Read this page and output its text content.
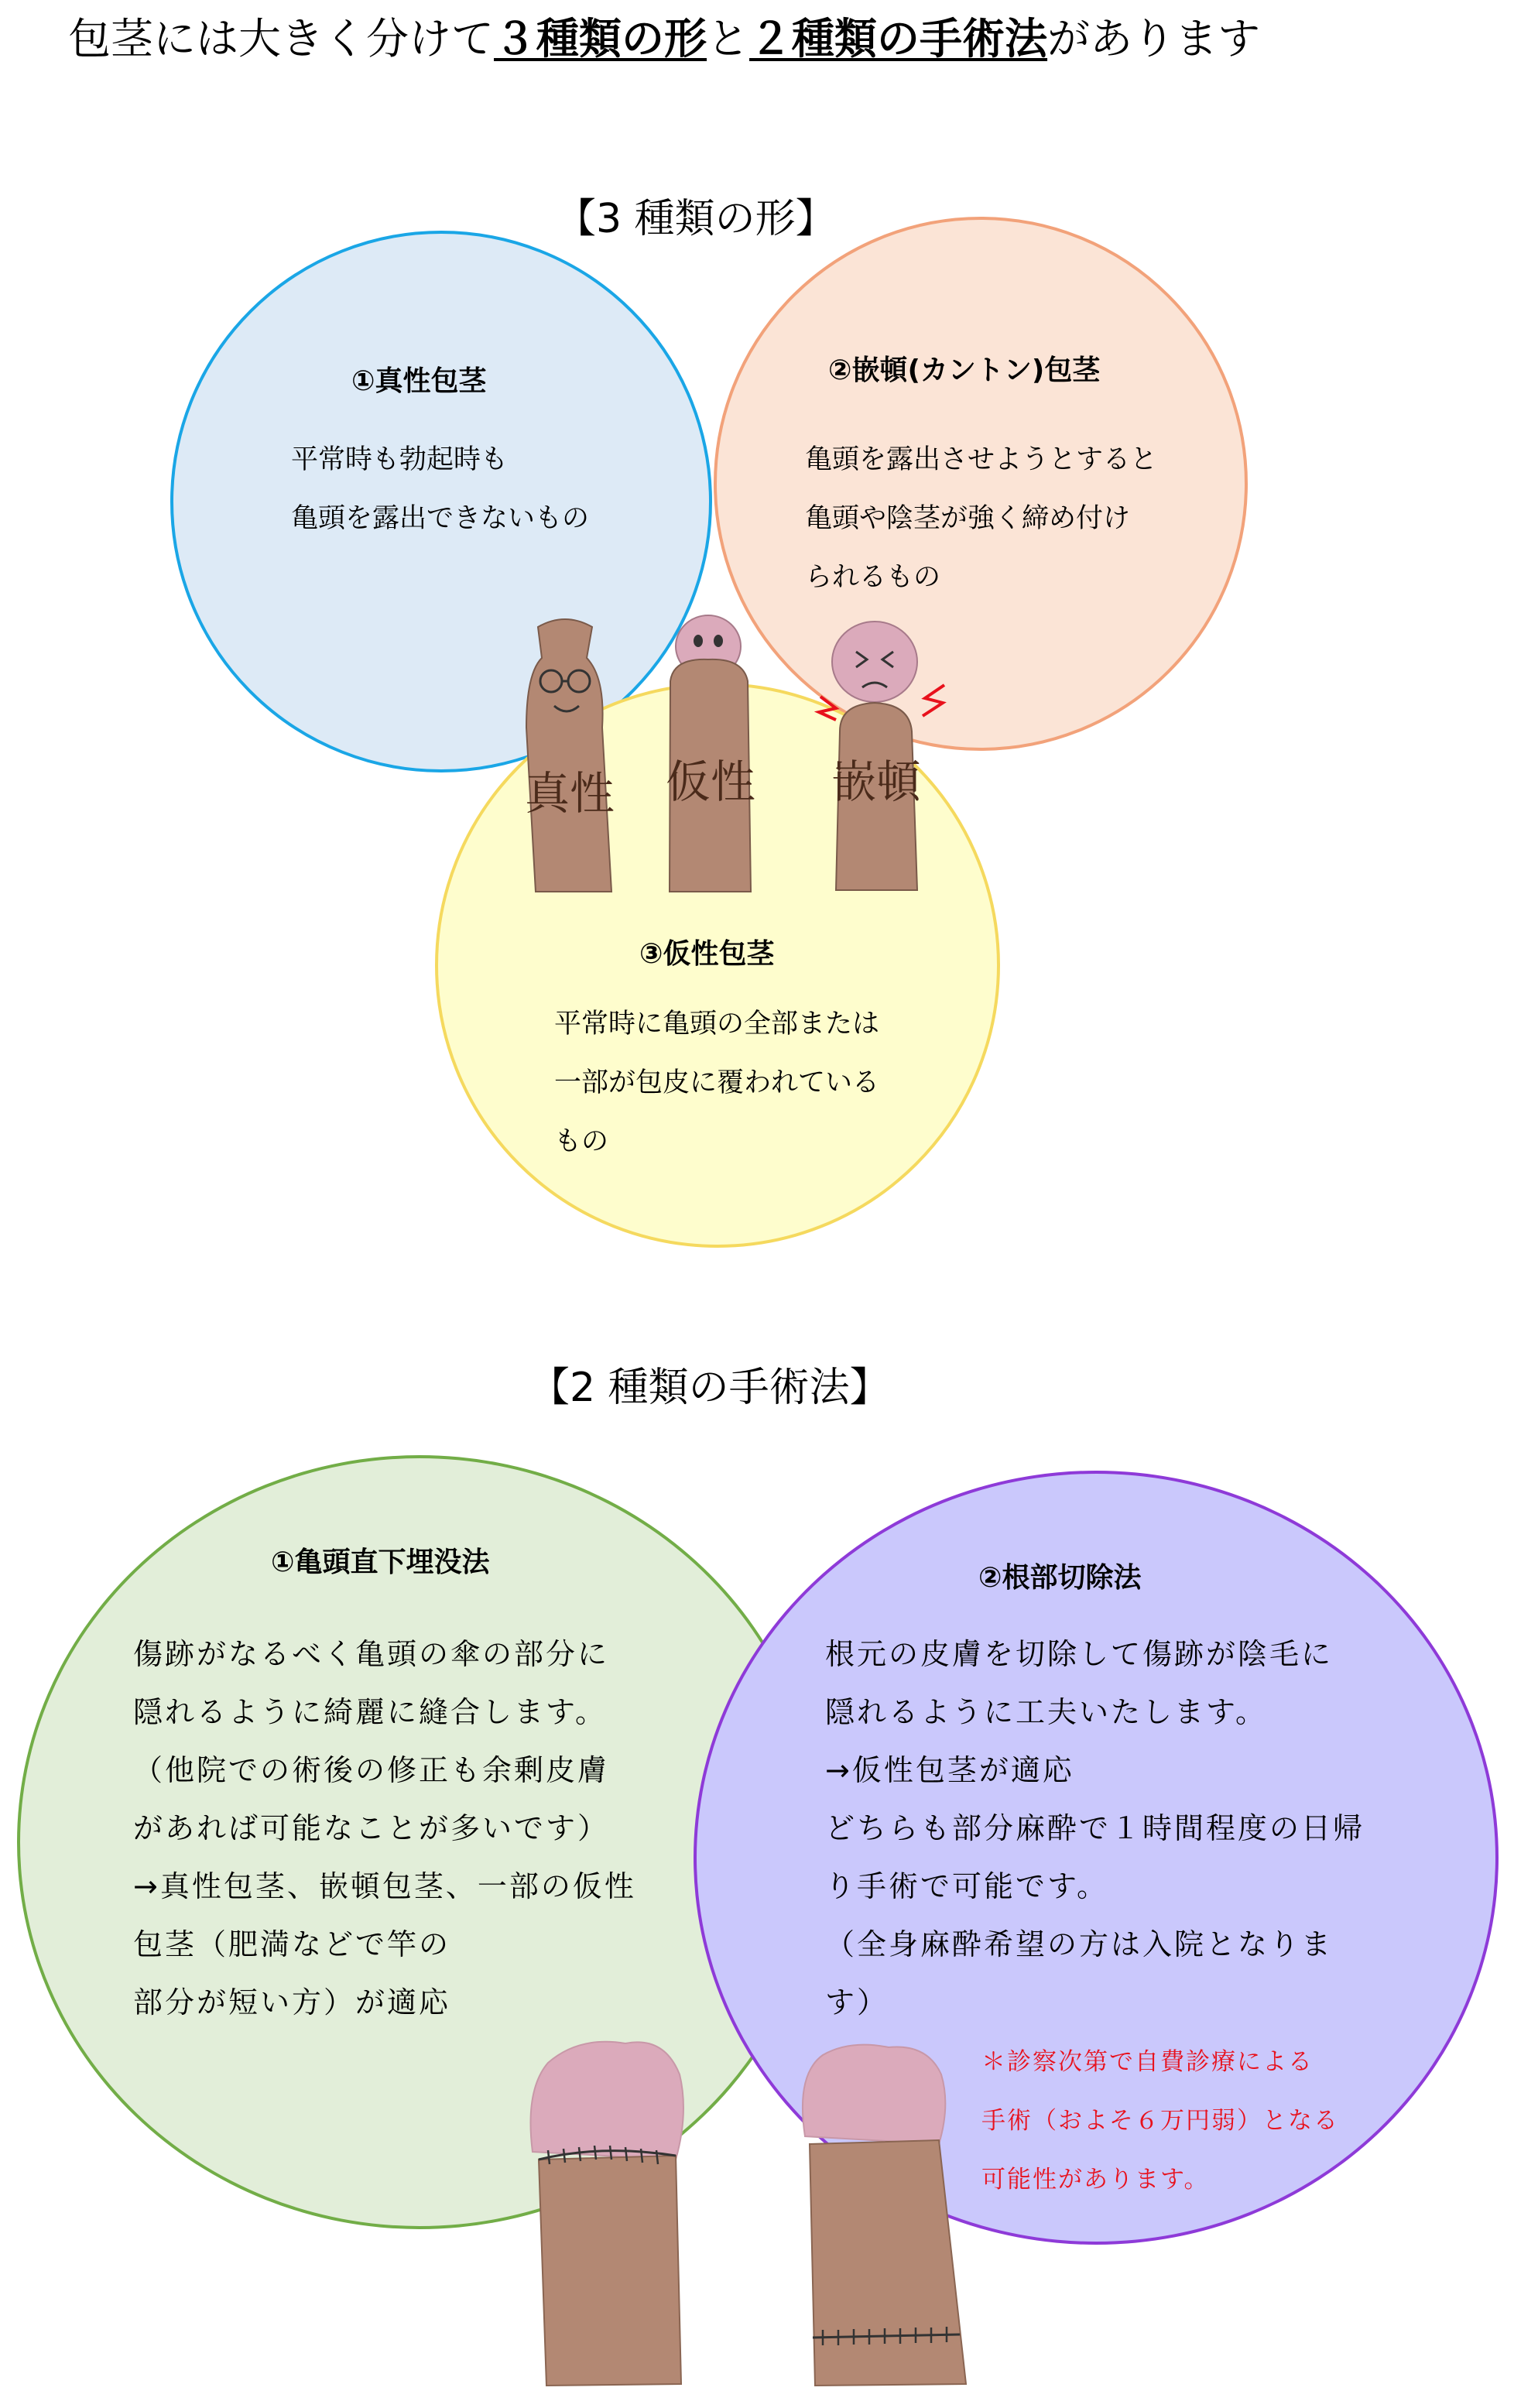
包茎には大きく分けて３種類の形と２種類の手術法があります
【3 種類の形】
①真性包茎
平常時も勃起時も
亀頭を露出できないもの
②嵌頓(カントン)包茎
亀頭を露出させようとすると
亀頭や陰茎が強く締め付け
られるもの
③仮性包茎
平常時に亀頭の全部または
一部が包皮に覆われている
もの
真性 仮性 嵌頓
【2 種類の手術法】
①亀頭直下埋没法
傷跡がなるべく亀頭の傘の部分に
隠れるように綺麗に縫合します。
（他院での術後の修正も余剰皮膚
があれば可能なことが多いです）
→真性包茎、嵌頓包茎、一部の仮性
包茎（肥満などで竿の
部分が短い方）が適応
②根部切除法
根元の皮膚を切除して傷跡が陰毛に
隠れるように工夫いたします。
→仮性包茎が適応
どちらも部分麻酔で１時間程度の日帰
り手術で可能です。
（全身麻酔希望の方は入院となりま
す）
＊診察次第で自費診療による
手術（およそ６万円弱）となる
可能性があります。
